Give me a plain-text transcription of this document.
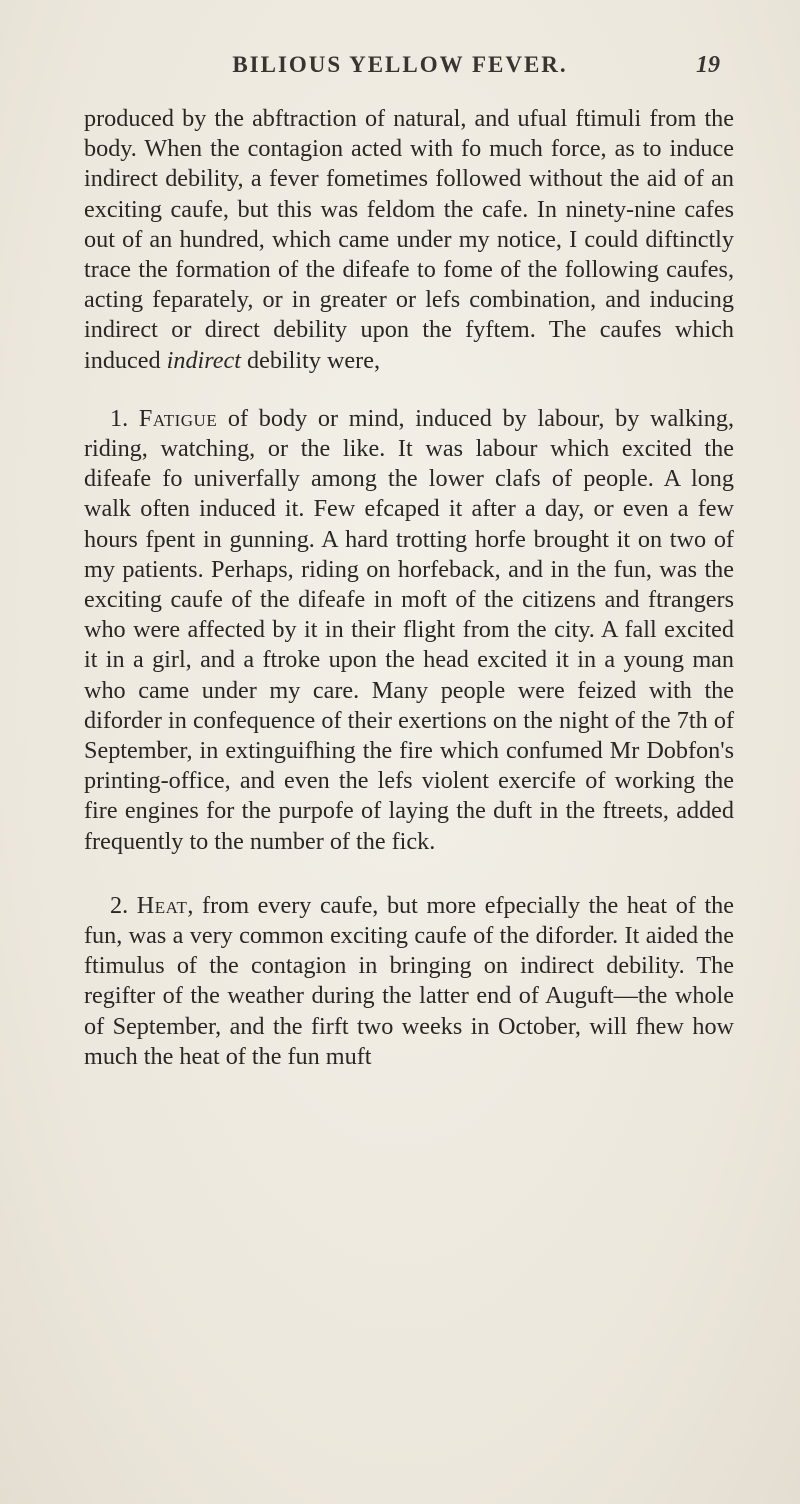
BILIOUS YELLOW FEVER.	19

produced by the abftraction of natural, and ufual ftimuli from the body. When the contagion acted with fo much force, as to induce indirect debility, a fever fometimes followed without the aid of an exciting caufe, but this was feldom the cafe. In ninety-nine cafes out of an hundred, which came under my notice, I could diftinctly trace the formation of the difeafe to fome of the following caufes, acting feparately, or in greater or lefs combination, and inducing indirect or direct debility upon the fyftem. The caufes which induced indirect debility were,

1. Fatigue of body or mind, induced by labour, by walking, riding, watching, or the like. It was labour which excited the difeafe fo univerfally among the lower clafs of people. A long walk often induced it. Few efcaped it after a day, or even a few hours fpent in gunning. A hard trotting horfe brought it on two of my patients. Perhaps, riding on horfeback, and in the fun, was the exciting caufe of the difeafe in moft of the citizens and ftrangers who were affected by it in their flight from the city. A fall excited it in a girl, and a ftroke upon the head excited it in a young man who came under my care. Many people were feized with the diforder in confequence of their exertions on the night of the 7th of September, in extinguifhing the fire which confumed Mr Dobfon's printing-office, and even the lefs violent exercife of working the fire engines for the purpofe of laying the duft in the ftreets, added frequently to the number of the fick.

2. Heat, from every caufe, but more efpecially the heat of the fun, was a very common exciting caufe of the diforder. It aided the ftimulus of the contagion in bringing on indirect debility. The regifter of the weather during the latter end of Auguft—the whole of September, and the firft two weeks in October, will fhew how much the heat of the fun muft
